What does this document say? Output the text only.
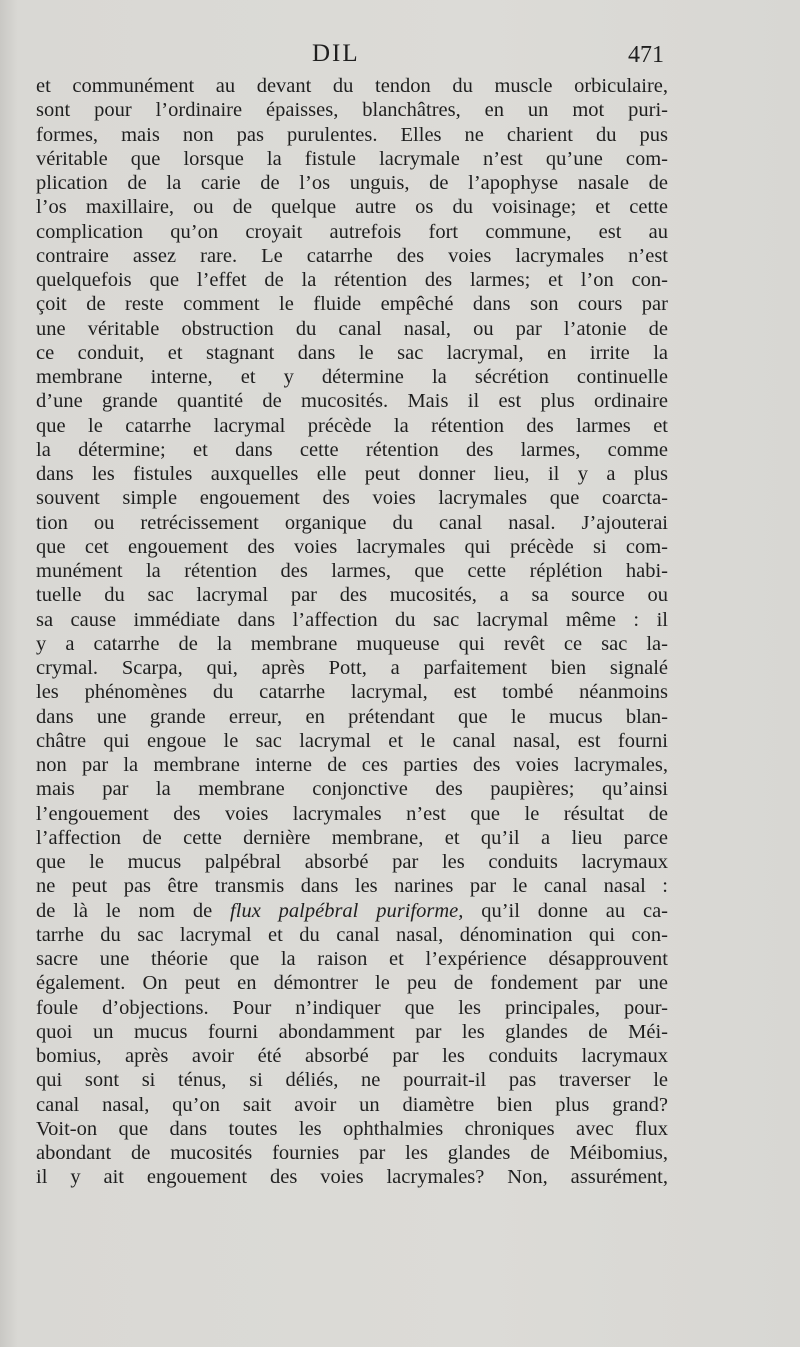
DIL	471
et communément au devant du tendon du muscle orbiculaire,
sont pour l’ordinaire épaisses, blanchâtres, en un mot puri-
formes, mais non pas purulentes. Elles ne charient du pus
véritable que lorsque la fistule lacrymale n’est qu’une com-
plication de la carie de l’os unguis, de l’apophyse nasale de
l’os maxillaire, ou de quelque autre os du voisinage; et cette
complication qu’on croyait autrefois fort commune, est au
contraire assez rare. Le catarrhe des voies lacrymales n’est
quelquefois que l’effet de la rétention des larmes; et l’on con-
çoit de reste comment le fluide empêché dans son cours par
une véritable obstruction du canal nasal, ou par l’atonie de
ce conduit, et stagnant dans le sac lacrymal, en irrite la
membrane interne, et y détermine la sécrétion continuelle
d’une grande quantité de mucosités. Mais il est plus ordinaire
que le catarrhe lacrymal précède la rétention des larmes et
la détermine; et dans cette rétention des larmes, comme
dans les fistules auxquelles elle peut donner lieu, il y a plus
souvent simple engouement des voies lacrymales que coarcta-
tion ou retrécissement organique du canal nasal. J’ajouterai
que cet engouement des voies lacrymales qui précède si com-
munément la rétention des larmes, que cette réplétion habi-
tuelle du sac lacrymal par des mucosités, a sa source ou
sa cause immédiate dans l’affection du sac lacrymal même : il
y a catarrhe de la membrane muqueuse qui revêt ce sac la-
crymal. Scarpa, qui, après Pott, a parfaitement bien signalé
les phénomènes du catarrhe lacrymal, est tombé néanmoins
dans une grande erreur, en prétendant que le mucus blan-
châtre qui engoue le sac lacrymal et le canal nasal, est fourni
non par la membrane interne de ces parties des voies lacrymales,
mais par la membrane conjonctive des paupières; qu’ainsi
l’engouement des voies lacrymales n’est que le résultat de
l’affection de cette dernière membrane, et qu’il a lieu parce
que le mucus palpébral absorbé par les conduits lacrymaux
ne peut pas être transmis dans les narines par le canal nasal :
de là le nom de flux palpébral puriforme, qu’il donne au ca-
tarrhe du sac lacrymal et du canal nasal, dénomination qui con-
sacre une théorie que la raison et l’expérience désapprouvent
également. On peut en démontrer le peu de fondement par une
foule d’objections. Pour n’indiquer que les principales, pour-
quoi un mucus fourni abondamment par les glandes de Méi-
bomius, après avoir été absorbé par les conduits lacrymaux
qui sont si ténus, si déliés, ne pourrait-il pas traverser le
canal nasal, qu’on sait avoir un diamètre bien plus grand?
Voit-on que dans toutes les ophthalmies chroniques avec flux
abondant de mucosités fournies par les glandes de Méibomius,
il y ait engouement des voies lacrymales? Non, assurément,
